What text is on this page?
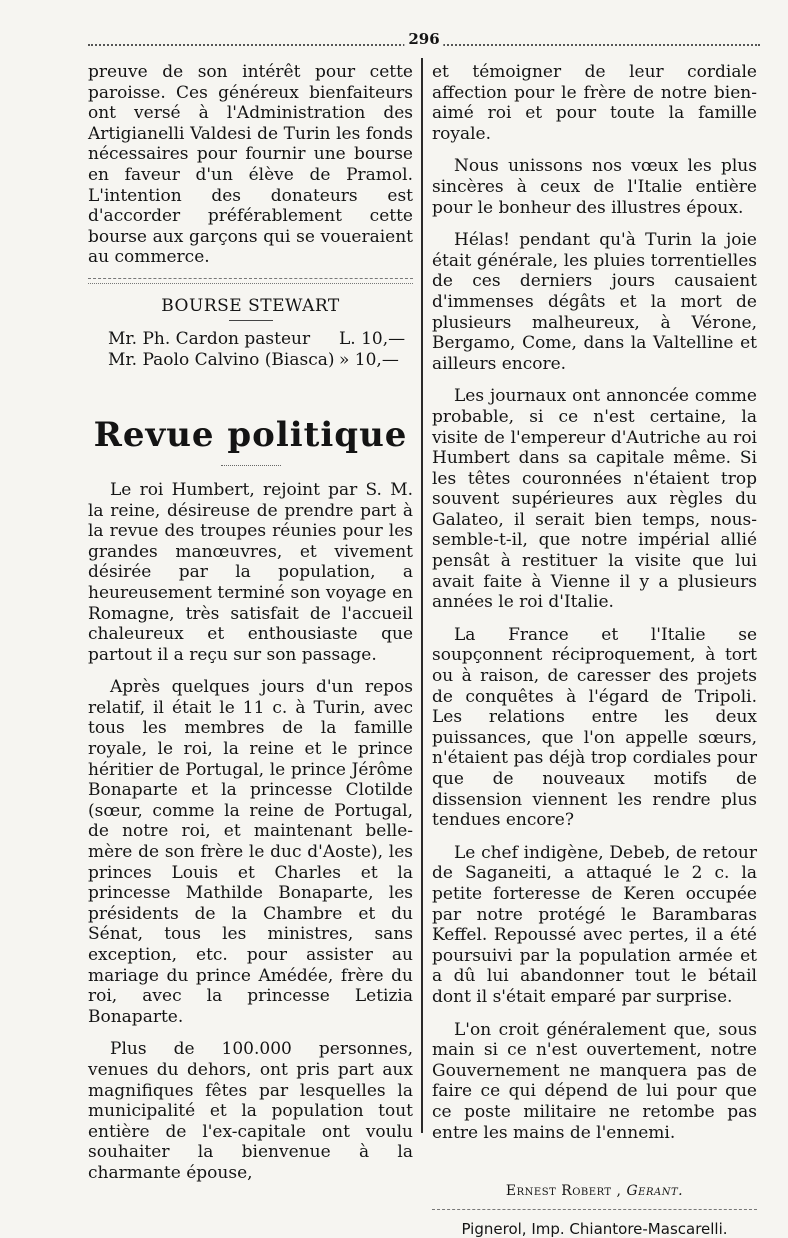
296

preuve de son intérêt pour cette paroisse. Ces généreux bienfaiteurs ont versé à l'Administration des Artigianelli Valdesi de Turin les fonds nécessaires pour fournir une bourse en faveur d'un élève de Pramol. L'intention des donateurs est d'accorder préférablement cette bourse aux garçons qui se voueraient au commerce.

BOURSE STEWART
Mr. Ph. Cardon pasteur	L. 10,—
Mr. Paolo Calvino (Biasca) » 10,—
Revue politique

Le roi Humbert, rejoint par S. M. la reine, désireuse de prendre part à la revue des troupes réunies pour les grandes manœuvres, et vivement désirée par la population, a heureusement terminé son voyage en Romagne, très satisfait de l'accueil chaleureux et enthousiaste que partout il a reçu sur son passage.

Après quelques jours d'un repos relatif, il était le 11 c. à Turin, avec tous les membres de la famille royale, le roi, la reine et le prince héritier de Portugal, le prince Jérôme Bonaparte et la princesse Clotilde (sœur, comme la reine de Portugal, de notre roi, et maintenant belle-mère de son frère le duc d'Aoste), les princes Louis et Charles et la princesse Mathilde Bonaparte, les présidents de la Chambre et du Sénat, tous les ministres, sans exception, etc. pour assister au mariage du prince Amédée, frère du roi, avec la princesse Letizia Bonaparte.

Plus de 100.000 personnes, venues du dehors, ont pris part aux magnifiques fêtes par lesquelles la municipalité et la population tout entière de l'ex-capitale ont voulu souhaiter la bienvenue à la charmante épouse,

et témoigner de leur cordiale affection pour le frère de notre bien-aimé roi et pour toute la famille royale.

Nous unissons nos vœux les plus sincères à ceux de l'Italie entière pour le bonheur des illustres époux.

Hélas! pendant qu'à Turin la joie était générale, les pluies torrentielles de ces derniers jours causaient d'immenses dégâts et la mort de plusieurs malheureux, à Vérone, Bergamo, Come, dans la Valtelline et ailleurs encore.

Les journaux ont annoncée comme probable, si ce n'est certaine, la visite de l'empereur d'Autriche au roi Humbert dans sa capitale même. Si les têtes couronnées n'étaient trop souvent supérieures aux règles du Galateo, il serait bien temps, nous-semble-t-il, que notre impérial allié pensât à restituer la visite que lui avait faite à Vienne il y a plusieurs années le roi d'Italie.

La France et l'Italie se soupçonnent réciproquement, à tort ou à raison, de caresser des projets de conquêtes à l'égard de Tripoli. Les relations entre les deux puissances, que l'on appelle sœurs, n'étaient pas déjà trop cordiales pour que de nouveaux motifs de dissension viennent les rendre plus tendues encore?

Le chef indigène, Debeb, de retour de Saganeiti, a attaqué le 2 c. la petite forteresse de Keren occupée par notre protégé le Barambaras Keffel. Repoussé avec pertes, il a été poursuivi par la population armée et a dû lui abandonner tout le bétail dont il s'était emparé par surprise.

L'on croit généralement que, sous main si ce n'est ouvertement, notre Gouvernement ne manquera pas de faire ce qui dépend de lui pour que ce poste militaire ne retombe pas entre les mains de l'ennemi.

Ernest Robert , Gerant.
Pignerol, Imp. Chiantore-Mascarelli.
